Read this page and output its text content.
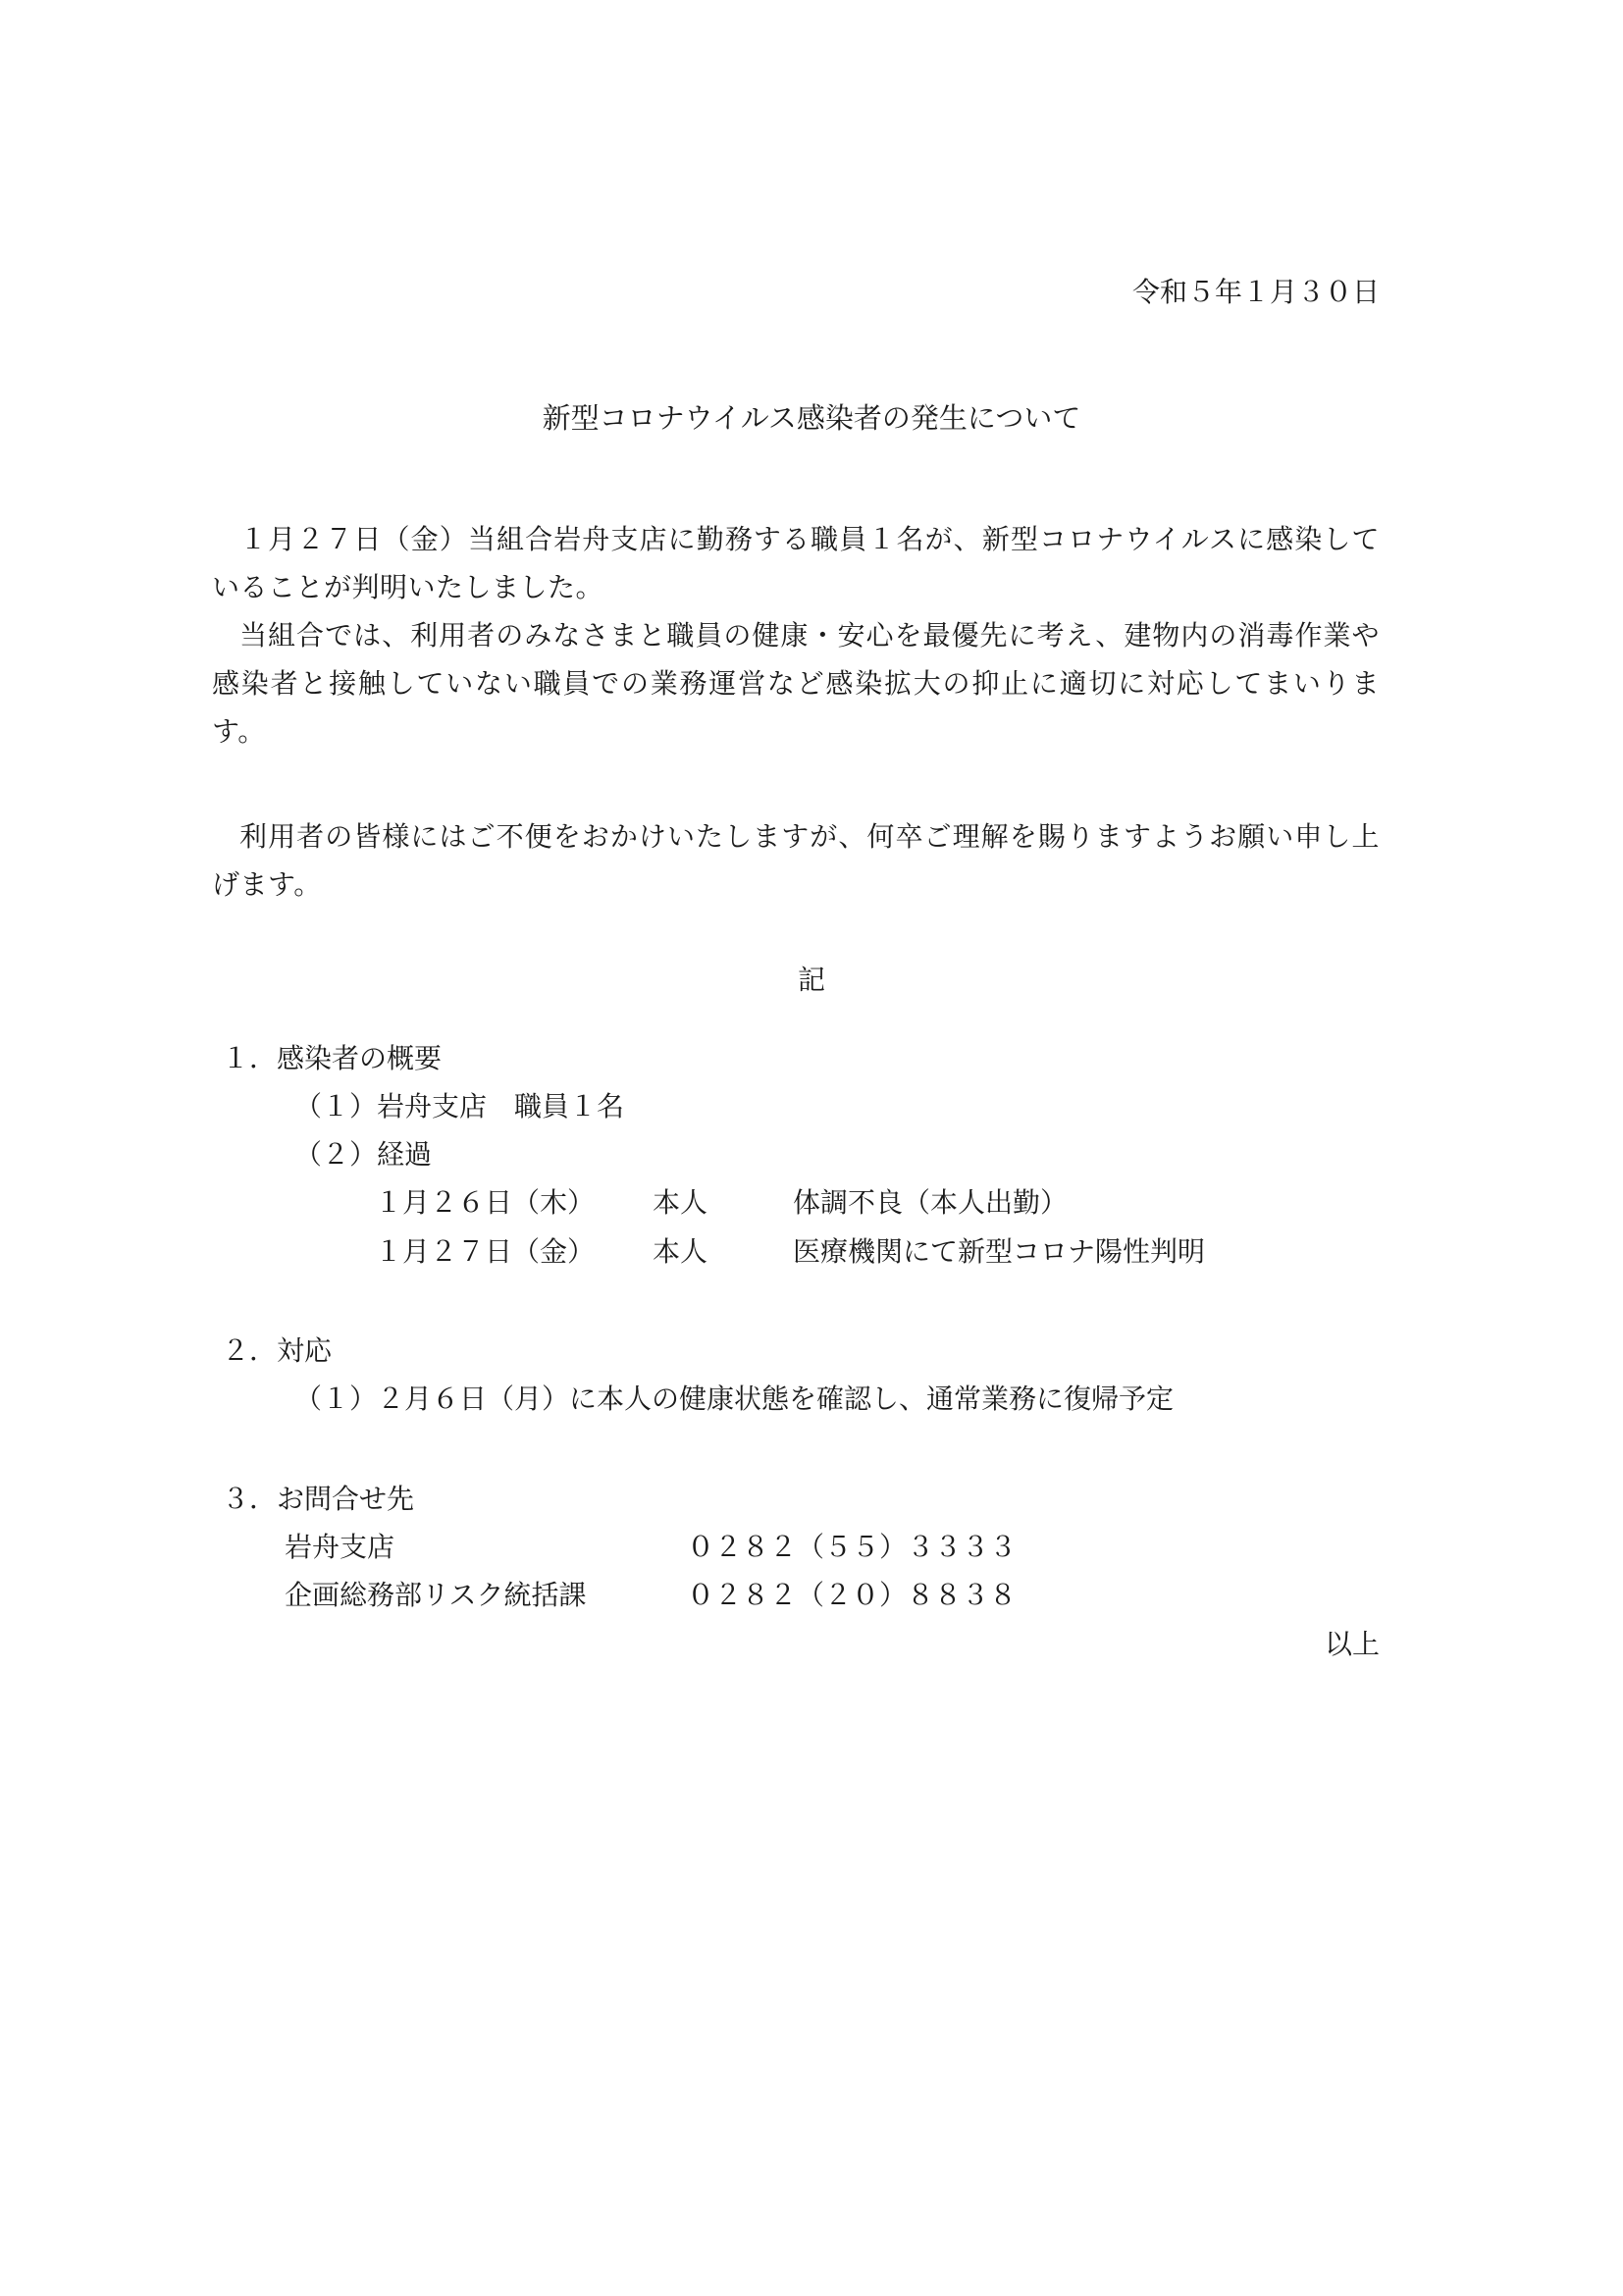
令和５年１月３０日
新型コロナウイルス感染者の発生について
１月２７日（金）当組合岩舟支店に勤務する職員１名が、新型コロナウイルスに感染していることが判明いたしました。
当組合では、利用者のみなさまと職員の健康・安心を最優先に考え、建物内の消毒作業や感染者と接触していない職員での業務運営など感染拡大の抑止に適切に対応してまいります。
利用者の皆様にはご不便をおかけいたしますが、何卒ご理解を賜りますようお願い申し上げます。
記
１．感染者の概要
（１）岩舟支店　職員１名
（２）経過
１月２６日（木） 本人	体調不良（本人出勤）
１月２７日（金） 本人	医療機関にて新型コロナ陽性判明
２．対応
（１）２月６日（月）に本人の健康状態を確認し、通常業務に復帰予定
３．お問合せ先
岩舟支店	０２８２（５５）３３３３
企画総務部リスク統括課	０２８２（２０）８８３８
以上
